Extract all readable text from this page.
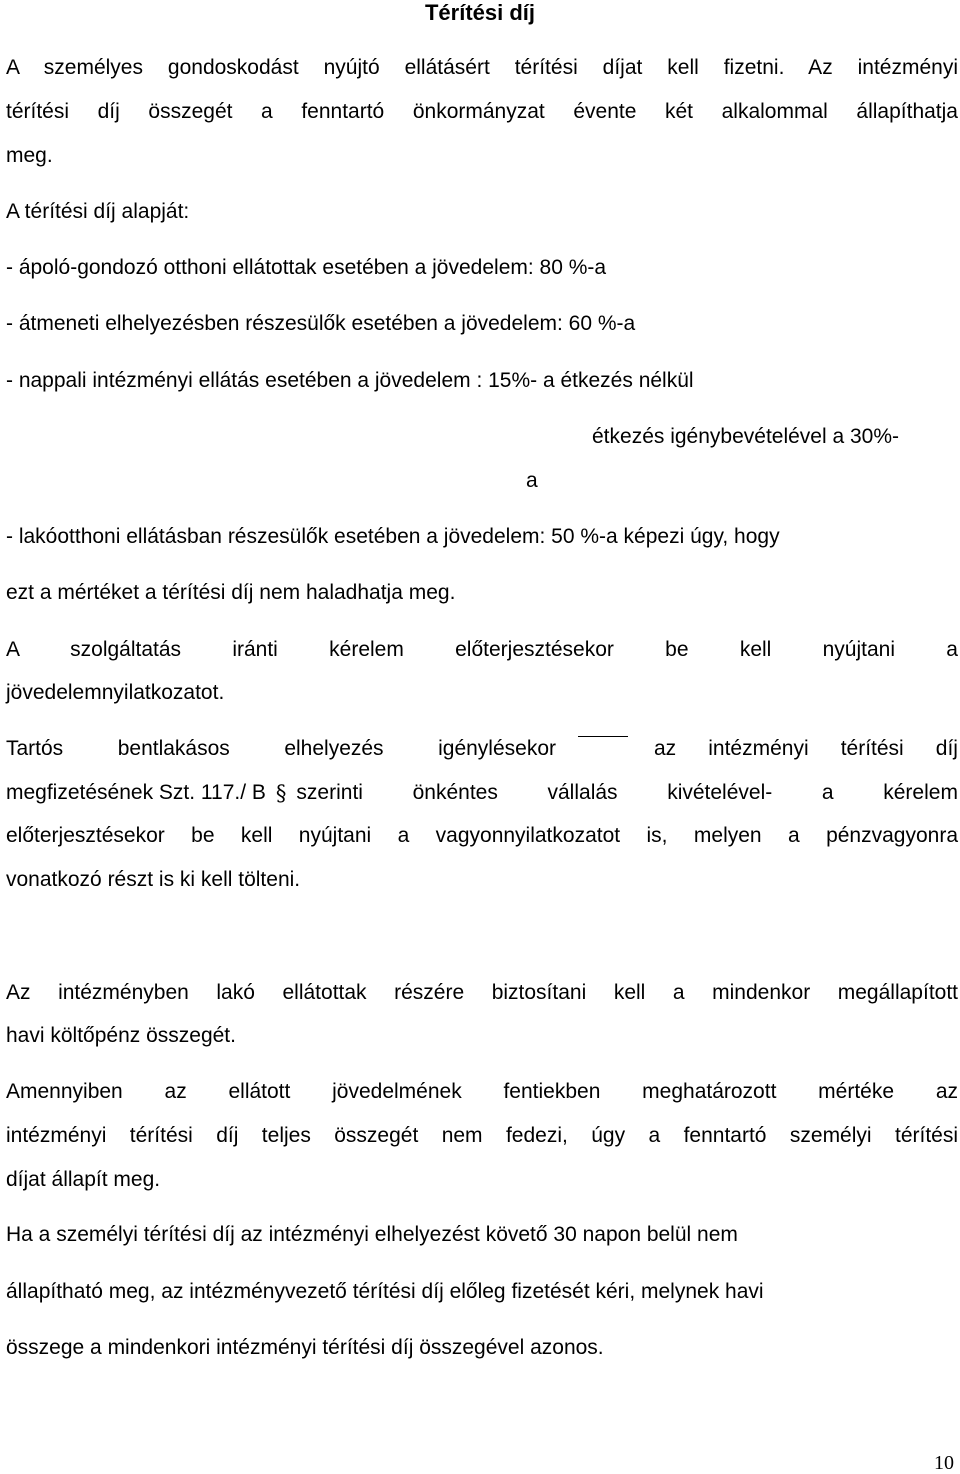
Térítési díj
A személyes gondoskodást nyújtó ellátásért térítési díjat kell fizetni. Az intézményi
térítési díj összegét a fenntartó önkormányzat évente két alkalommal állapíthatja
meg.
A térítési díj alapját:
- ápoló-gondozó otthoni ellátottak esetében a jövedelem: 80 %-a
- átmeneti elhelyezésben részesülők esetében a jövedelem: 60 %-a
- nappali intézményi ellátás esetében a jövedelem : 15%- a étkezés nélkül
étkezés igénybevételével a 30%-
a
- lakóotthoni ellátásban részesülők esetében a jövedelem: 50 %-a képezi úgy, hogy
ezt a mértéket a térítési díj nem haladhatja meg.
A szolgáltatás iránti kérelem előterjesztésekor be kell nyújtani a
jövedelemnyilatkozatot.
Tartós	bentlakásos	elhelyezés	igénylésekor	az intézményi térítési díj
megfizetésének Szt. 117./ B § szerinti önkéntes vállalás kivételével- a kérelem
előterjesztésekor be kell nyújtani a vagyonnyilatkozatot is, melyen a pénzvagyonra
vonatkozó részt is ki kell tölteni.
Az intézményben lakó ellátottak részére biztosítani kell a mindenkor megállapított
havi költőpénz összegét.
Amennyiben az ellátott jövedelmének fentiekben meghatározott mértéke az
intézményi térítési díj teljes összegét nem fedezi, úgy a fenntartó személyi térítési
díjat állapít meg.
Ha a személyi térítési díj az intézményi elhelyezést követő 30 napon belül nem
állapítható meg, az intézményvezető térítési díj előleg fizetését kéri, melynek havi
összege a mindenkori intézményi térítési díj összegével azonos.
10
